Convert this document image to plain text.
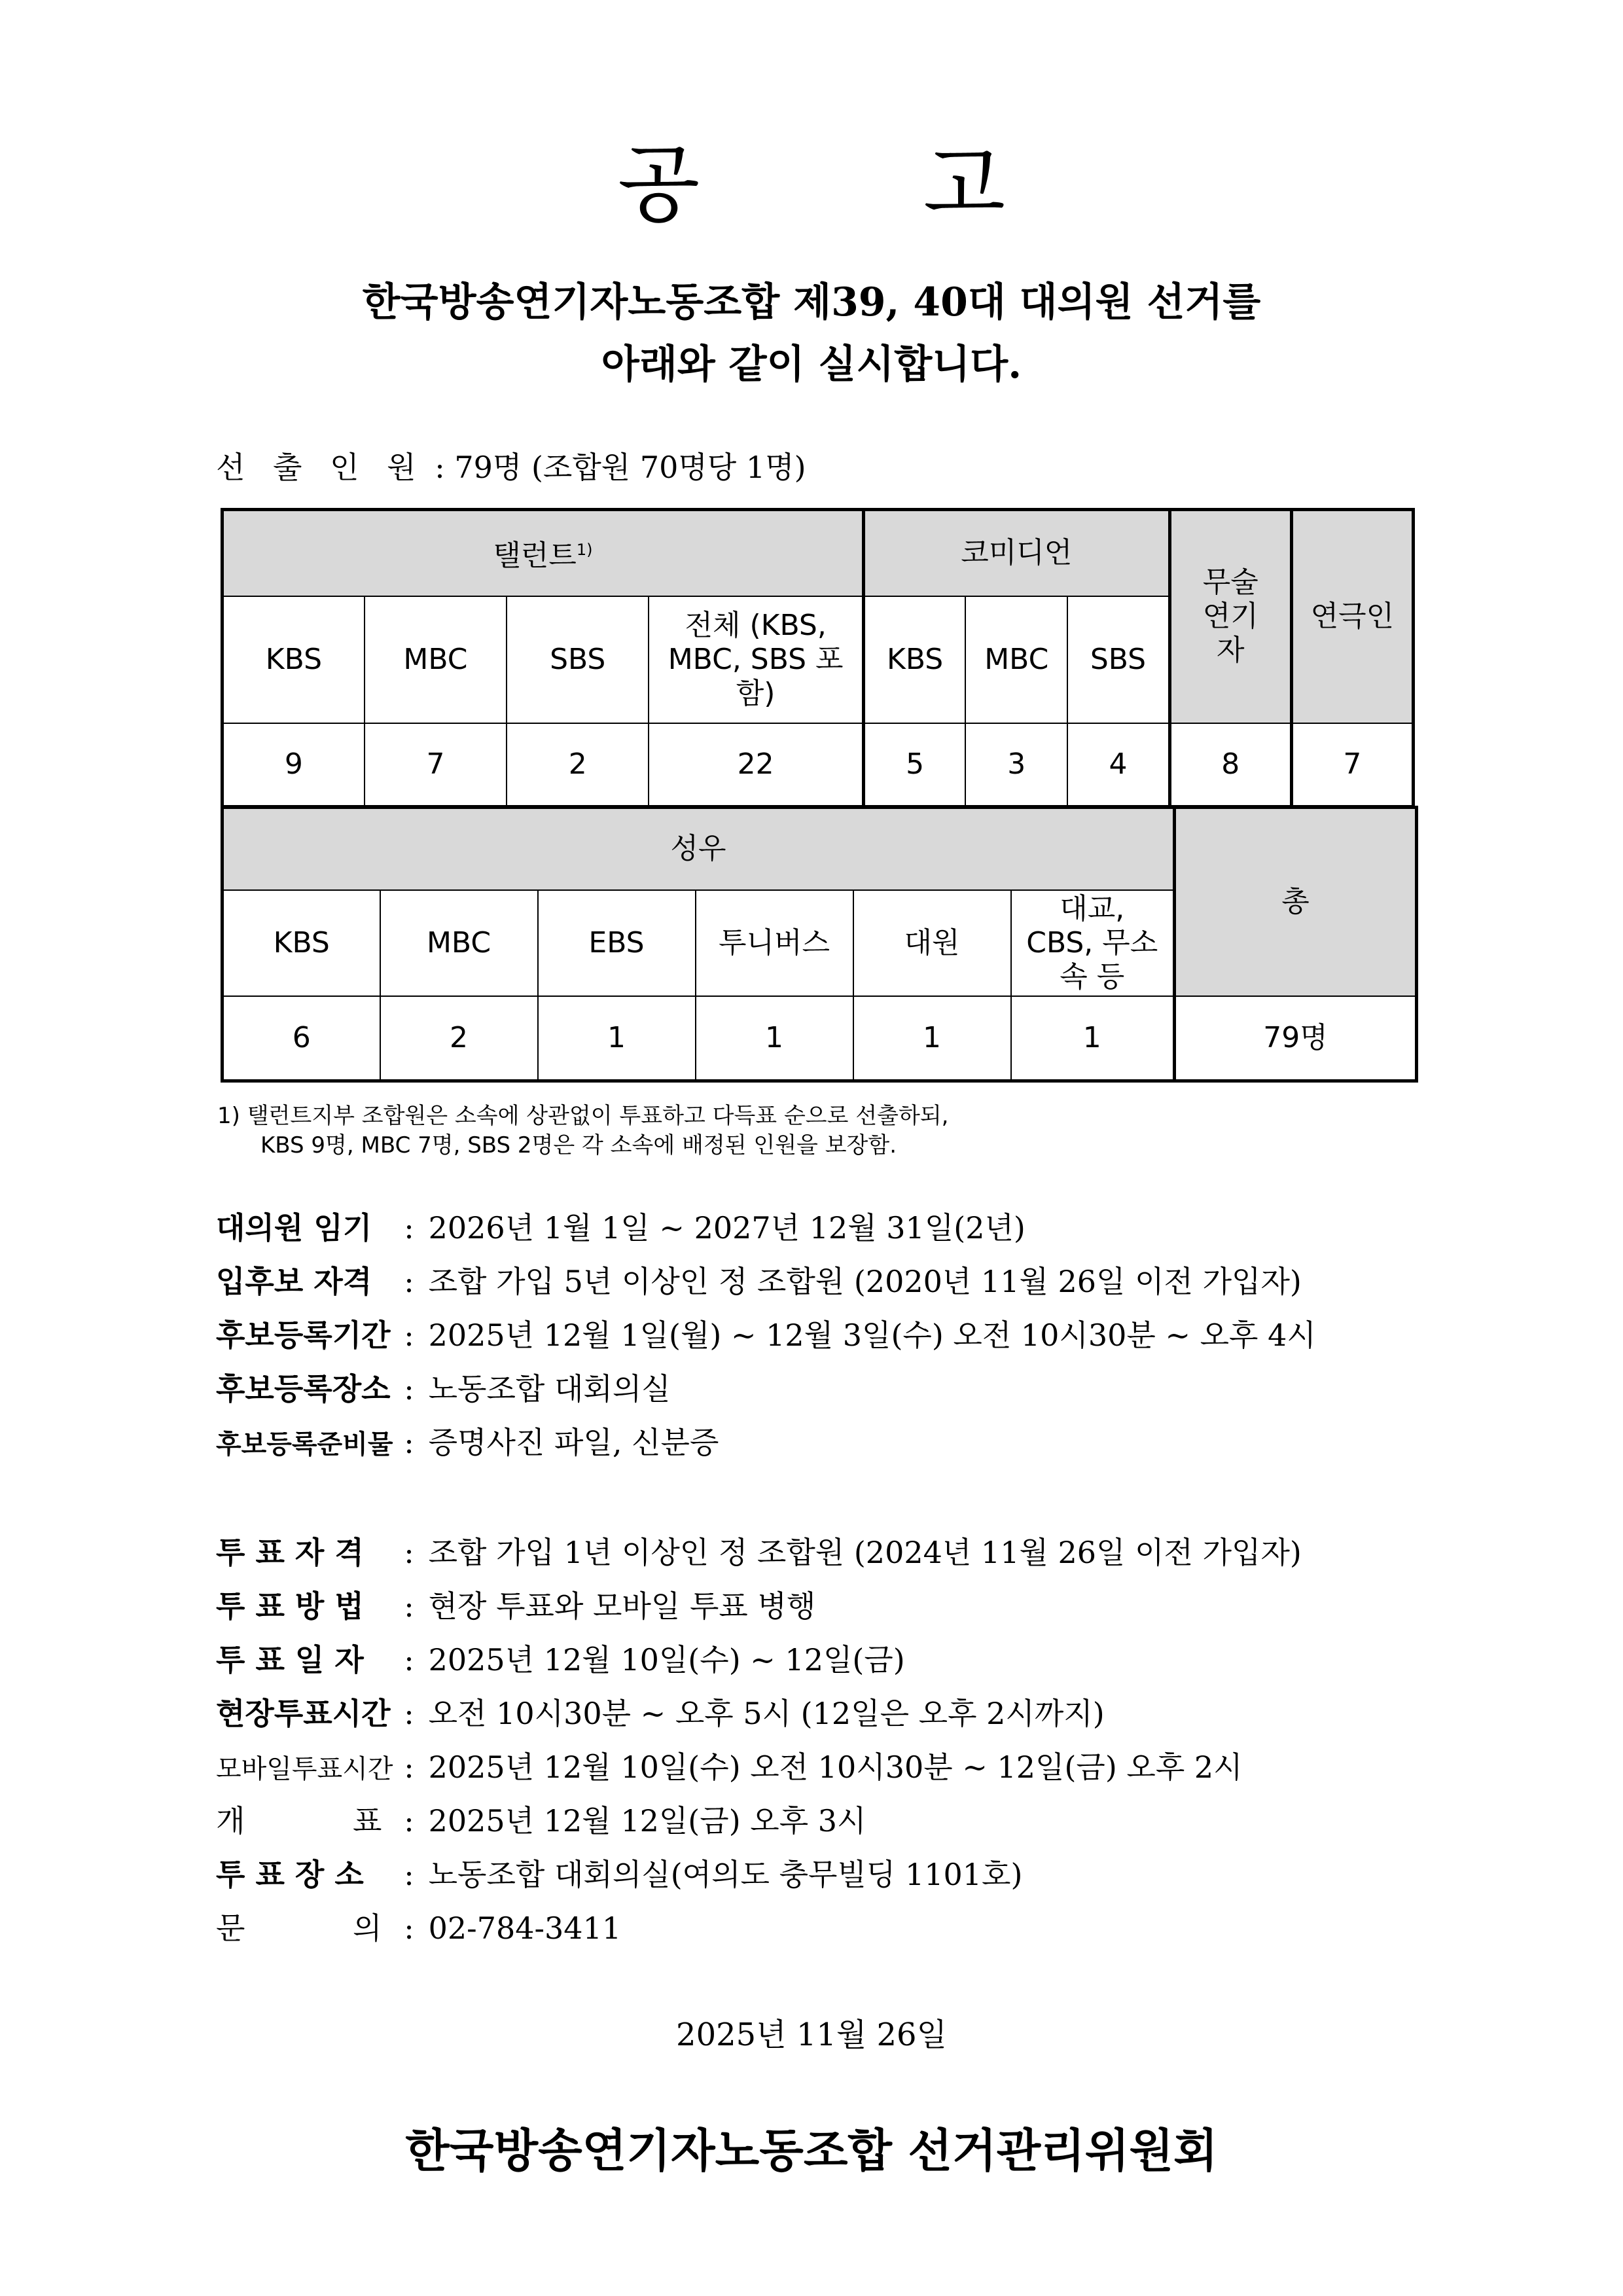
공 고
한국방송연기자노동조합 제39, 40대 대의원 선거를
아래와 같이 실시합니다.
선 출 인 원 : 79명 (조합원 70명당 1명)
탤런트$^{1)}$				코미디언			무술 연기자	연극인
KBS	MBC	SBS	전체 (KBS, MBC, SBS 포함)	KBS	MBC	SBS		
9	7	2	22	5	3	4	8	7
성우						총
KBS	MBC	EBS	투니버스	대원	대교, CBS, 무소속 등	

6	2	1	1	1	1	79명
1) 탤런트지부 조합원은 소속에 상관없이 투표하고 다득표 순으로 선출하되,
KBS 9명, MBC 7명, SBS 2명은 각 소속에 배정된 인원을 보장함.
대의원 임기 : 2026년 1월 1일 ~ 2027년 12월 31일(2년)
입후보 자격 : 조합 가입 5년 이상인 정 조합원 (2020년 11월 26일 이전 가입자)
후보등록기간 : 2025년 12월 1일(월) ~ 12월 3일(수) 오전 10시30분 ~ 오후 4시
후보등록장소 : 노동조합 대회의실
후보등록준비물 : 증명사진 파일, 신분증
투 표 자 격 : 조합 가입 1년 이상인 정 조합원 (2024년 11월 26일 이전 가입자)
투 표 방 법 : 현장 투표와 모바일 투표 병행
투 표 일 자 : 2025년 12월 10일(수) ~ 12일(금)
현장투표시간 : 오전 10시30분 ~ 오후 5시 (12일은 오후 2시까지)
모바일투표시간 : 2025년 12월 10일(수) 오전 10시30분 ~ 12일(금) 오후 2시
개 표 : 2025년 12월 12일(금) 오후 3시
투 표 장 소 : 노동조합 대회의실(여의도 충무빌딩 1101호)
문 의 : 02-784-3411
2025년 11월 26일
한국방송연기자노동조합 선거관리위원회
